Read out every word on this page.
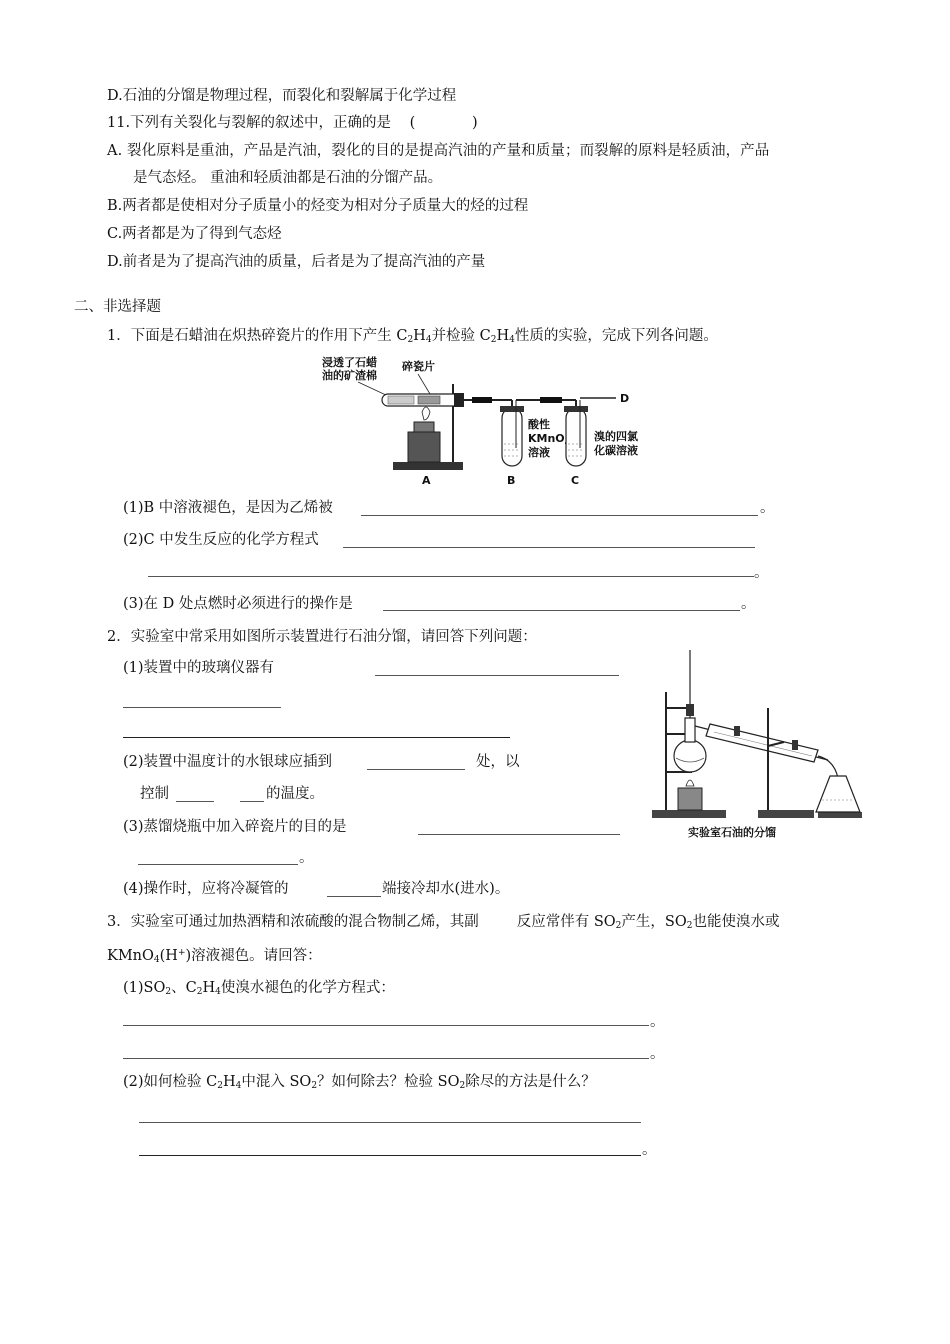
D.石油的分馏是物理过程，而裂化和裂解属于化学过程
11.下列有关裂化与裂解的叙述中，正确的是 (	)
A. 裂化原料是重油，产品是汽油，裂化的目的是提高汽油的产量和质量；而裂解的原料是轻质油，产品
是气态烃。 重油和轻质油都是石油的分馏产品。
B.两者都是使相对分子质量小的烃变为相对分子质量大的烃的过程
C.两者都是为了得到气态烃
D.前者是为了提高汽油的质量，后者是为了提高汽油的产量
二、非选择题
1．下面是石蜡油在炽热碎瓷片的作用下产生 $C_2H_4$并检验 $C_2H_4$性质的实验，完成下列各问题。
浸透了石蜡
油的矿渣棉
碎瓷片
酸性
KMnO
溶液
溴的四氯
化碳溶液
D
A	B	C
(1)B 中溶液褪色，是因为乙烯被	。
(2)C 中发生反应的化学方程式
。
(3)在 D 处点燃时必须进行的操作是	。
2．实验室中常采用如图所示装置进行石油分馏，请回答下列问题：
(1)装置中的玻璃仪器有
(2)装置中温度计的水银球应插到	处，以
控制	的温度。
(3)蒸馏烧瓶中加入碎瓷片的目的是
。
(4)操作时，应将冷凝管的	端接冷却水(进水)。
实验室石油的分馏
3．实验室可通过加热酒精和浓硫酸的混合物制乙烯，其副	反应常伴有 $SO_2$产生，$SO_2$也能使溴水或
KMnO$_4$(H+)溶液褪色。请回答：
$(1)SO_2$、$C_2H_4$使溴水褪色的化学方程式：
。
。
(2)如何检验 $C_2H_4$中混入 $SO_2$？如何除去？检验 $SO_2$除尽的方法是什么？
。
